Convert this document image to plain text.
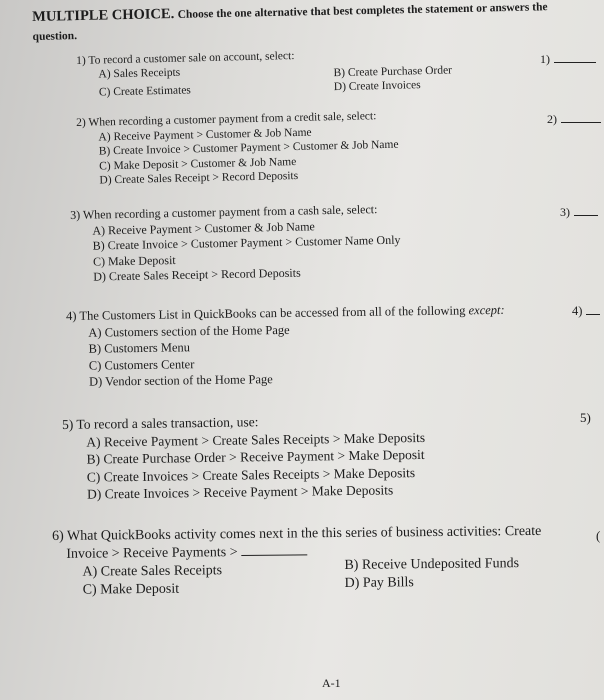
MULTIPLE CHOICE. Choose the one alternative that best completes the statement or answers the question.
1) To record a customer sale on account, select:
A) Sales Receipts	B) Create Purchase Order
C) Create Estimates	D) Create Invoices
1)
2) When recording a customer payment from a credit sale, select:
A) Receive Payment > Customer & Job Name
B) Create Invoice > Customer Payment > Customer & Job Name
C) Make Deposit > Customer & Job Name
D) Create Sales Receipt > Record Deposits
2)
3) When recording a customer payment from a cash sale, select:
A) Receive Payment > Customer & Job Name
B) Create Invoice > Customer Payment > Customer Name Only
C) Make Deposit
D) Create Sales Receipt > Record Deposits
3)
4) The Customers List in QuickBooks can be accessed from all of the following except:
A) Customers section of the Home Page
B) Customers Menu
C) Customers Center
D) Vendor section of the Home Page
4)
5) To record a sales transaction, use:
A) Receive Payment > Create Sales Receipts > Make Deposits
B) Create Purchase Order > Receive Payment > Make Deposit
C) Create Invoices > Create Sales Receipts > Make Deposits
D) Create Invoices > Receive Payment > Make Deposits
5)
6) What QuickBooks activity comes next in the this series of business activities: Create
Invoice > Receive Payments >
A) Create Sales Receipts	B) Receive Undeposited Funds
C) Make Deposit	D) Pay Bills
(
A-1
